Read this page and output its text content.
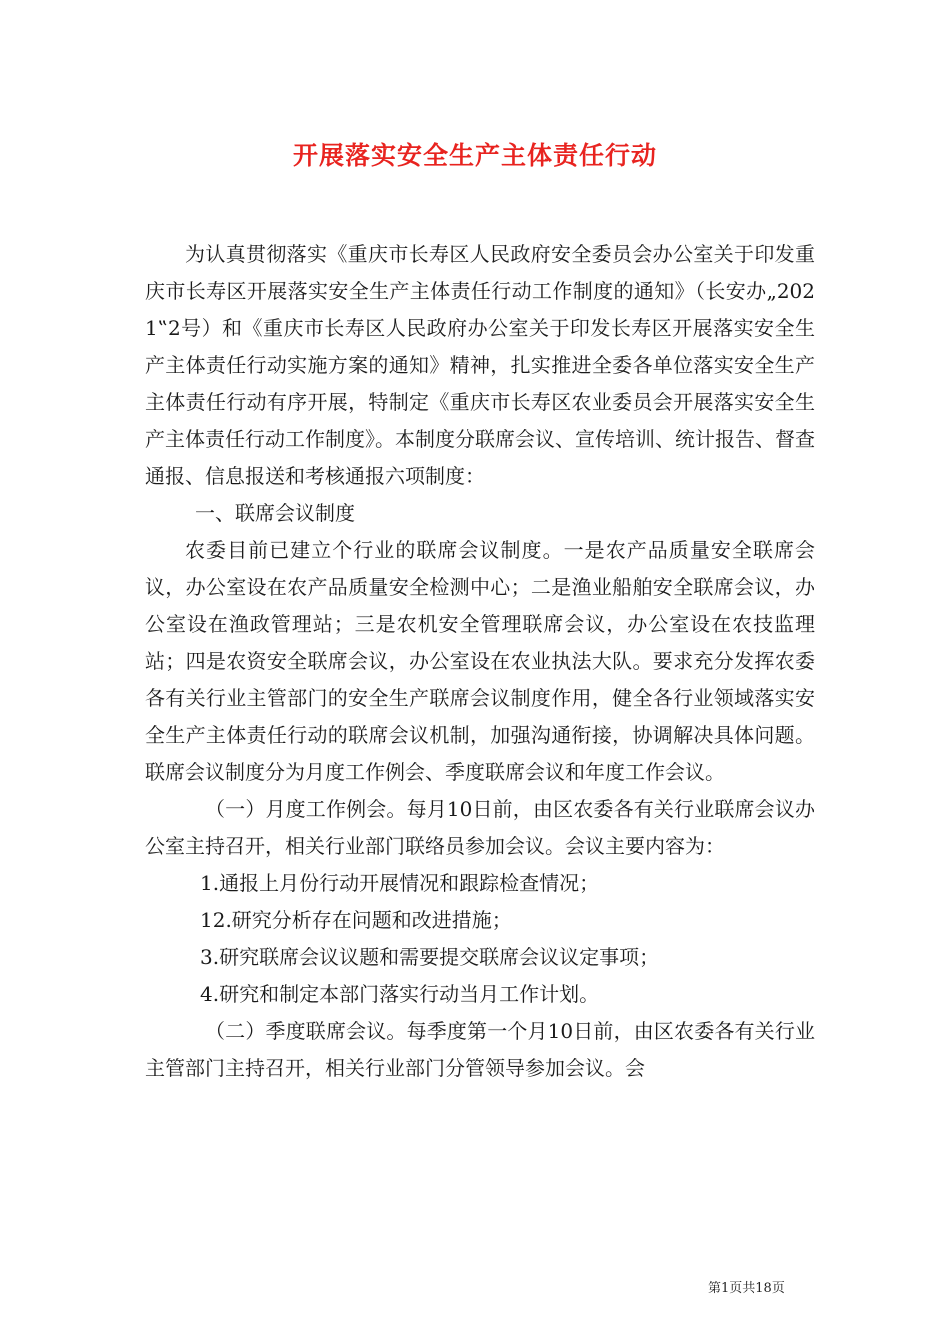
开展落实安全生产主体责任行动

为认真贯彻落实《重庆市长寿区人民政府安全委员会办公室关于印发重庆市长寿区开展落实安全生产主体责任行动工作制度的通知》（长安办„2021‟2号）和《重庆市长寿区人民政府办公室关于印发长寿区开展落实安全生产主体责任行动实施方案的通知》精神，扎实推进全委各单位落实安全生产主体责任行动有序开展，特制定《重庆市长寿区农业委员会开展落实安全生产主体责任行动工作制度》。本制度分联席会议、宣传培训、统计报告、督查通报、信息报送和考核通报六项制度：

一、联席会议制度

农委目前已建立个行业的联席会议制度。一是农产品质量安全联席会议，办公室设在农产品质量安全检测中心；二是渔业船舶安全联席会议，办公室设在渔政管理站；三是农机安全管理联席会议，办公室设在农技监理站；四是农资安全联席会议，办公室设在农业执法大队。要求充分发挥农委各有关行业主管部门的安全生产联席会议制度作用，健全各行业领域落实安全生产主体责任行动的联席会议机制，加强沟通衔接，协调解决具体问题。联席会议制度分为月度工作例会、季度联席会议和年度工作会议。

（一）月度工作例会。每月10日前，由区农委各有关行业联席会议办公室主持召开，相关行业部门联络员参加会议。会议主要内容为：

1.通报上月份行动开展情况和跟踪检查情况；

12.研究分析存在问题和改进措施；

3.研究联席会议议题和需要提交联席会议议定事项；

4.研究和制定本部门落实行动当月工作计划。

（二）季度联席会议。每季度第一个月10日前，由区农委各有关行业主管部门主持召开，相关行业部门分管领导参加会议。会

第1页共18页
